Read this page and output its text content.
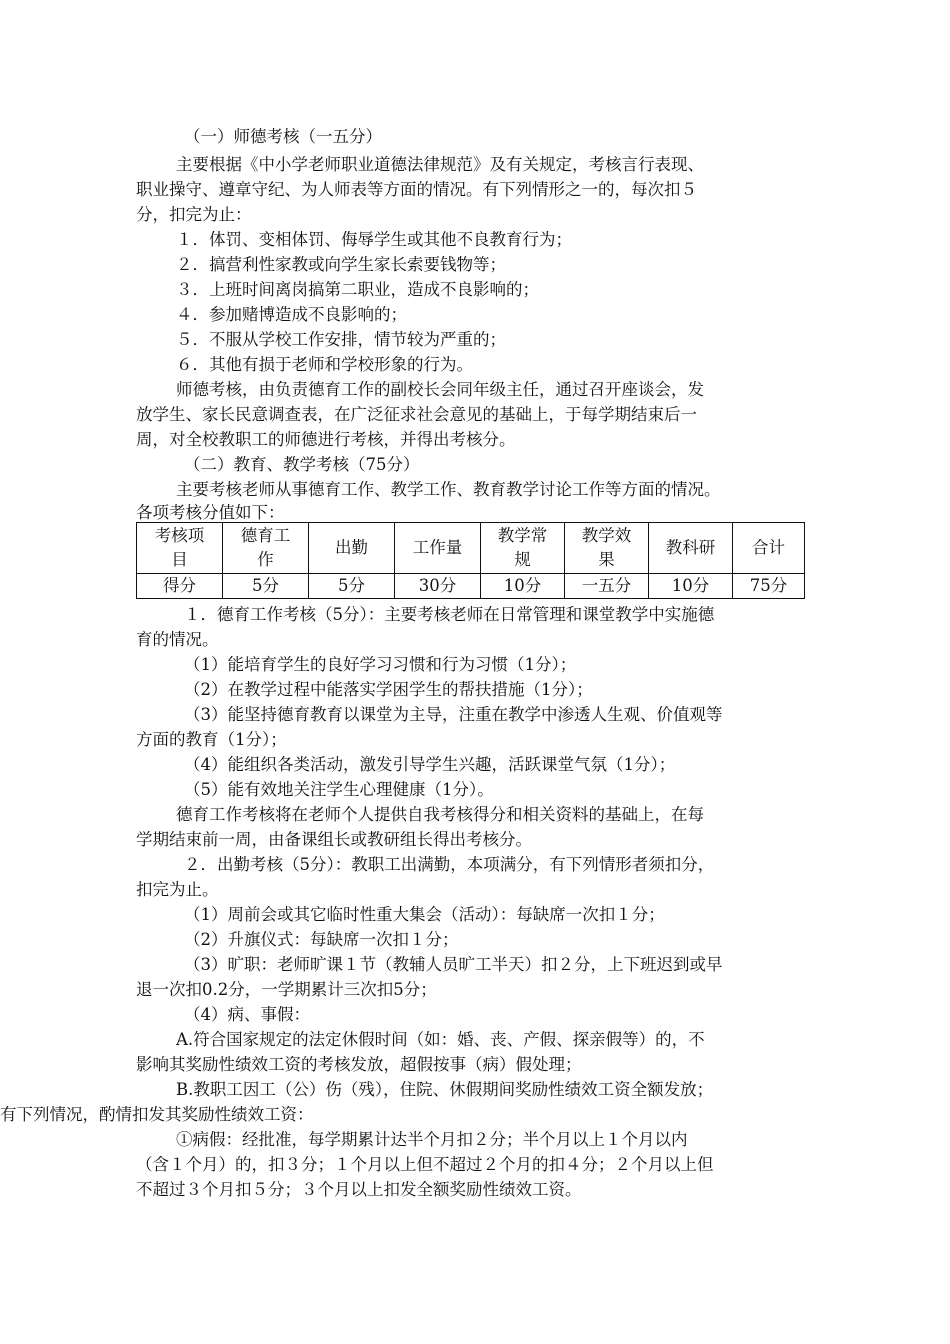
（一）师德考核（一五分）
主要根据《中小学老师职业道德法律规范》及有关规定，考核言行表现、
职业操守、遵章守纪、为人师表等方面的情况。有下列情形之一的，每次扣５
分，扣完为止：
１．体罚、变相体罚、侮辱学生或其他不良教育行为；
２．搞营利性家教或向学生家长索要钱物等；
３．上班时间离岗搞第二职业，造成不良影响的；
４．参加赌博造成不良影响的；
５．不服从学校工作安排，情节较为严重的；
６．其他有损于老师和学校形象的行为。
师德考核，由负责德育工作的副校长会同年级主任，通过召开座谈会，发
放学生、家长民意调查表，在广泛征求社会意见的基础上，于每学期结束后一
周，对全校教职工的师德进行考核，并得出考核分。
（二）教育、教学考核（75分）
主要考核老师从事德育工作、教学工作、教育教学讨论工作等方面的情况。
各项考核分值如下：
考核项目	德育工作	出勤	工作量	教学常规	教学效果	教科研	合计
得分	5分	5分	30分	10分	一五分	10分	75分
１．德育工作考核（5分）：主要考核老师在日常管理和课堂教学中实施德
育的情况。
（1）能培育学生的良好学习习惯和行为习惯（1分）；
（2）在教学过程中能落实学困学生的帮扶措施（1分）；
（3）能坚持德育教育以课堂为主导，注重在教学中渗透人生观、价值观等
方面的教育（1分）；
（4）能组织各类活动，激发引导学生兴趣，活跃课堂气氛（1分）；
（5）能有效地关注学生心理健康（1分）。
德育工作考核将在老师个人提供自我考核得分和相关资料的基础上，在每
学期结束前一周，由备课组长或教研组长得出考核分。
２．出勤考核（5分）：教职工出满勤，本项满分，有下列情形者须扣分，
扣完为止。
（1）周前会或其它临时性重大集会（活动）：每缺席一次扣１分；
（2）升旗仪式：每缺席一次扣１分；
（3）旷职：老师旷课１节（教辅人员旷工半天）扣２分，上下班迟到或早
退一次扣0.2分，一学期累计三次扣5分；
（4）病、事假：
A.符合国家规定的法定休假时间（如：婚、丧、产假、探亲假等）的，不
影响其奖励性绩效工资的考核发放，超假按事（病）假处理；
B.教职工因工（公）伤（残），住院、休假期间奖励性绩效工资全额发放；
有下列情况，酌情扣发其奖励性绩效工资：
①病假：经批准，每学期累计达半个月扣２分；半个月以上１个月以内
（含１个月）的，扣３分；１个月以上但不超过２个月的扣４分；２个月以上但
不超过３个月扣５分；３个月以上扣发全额奖励性绩效工资。
